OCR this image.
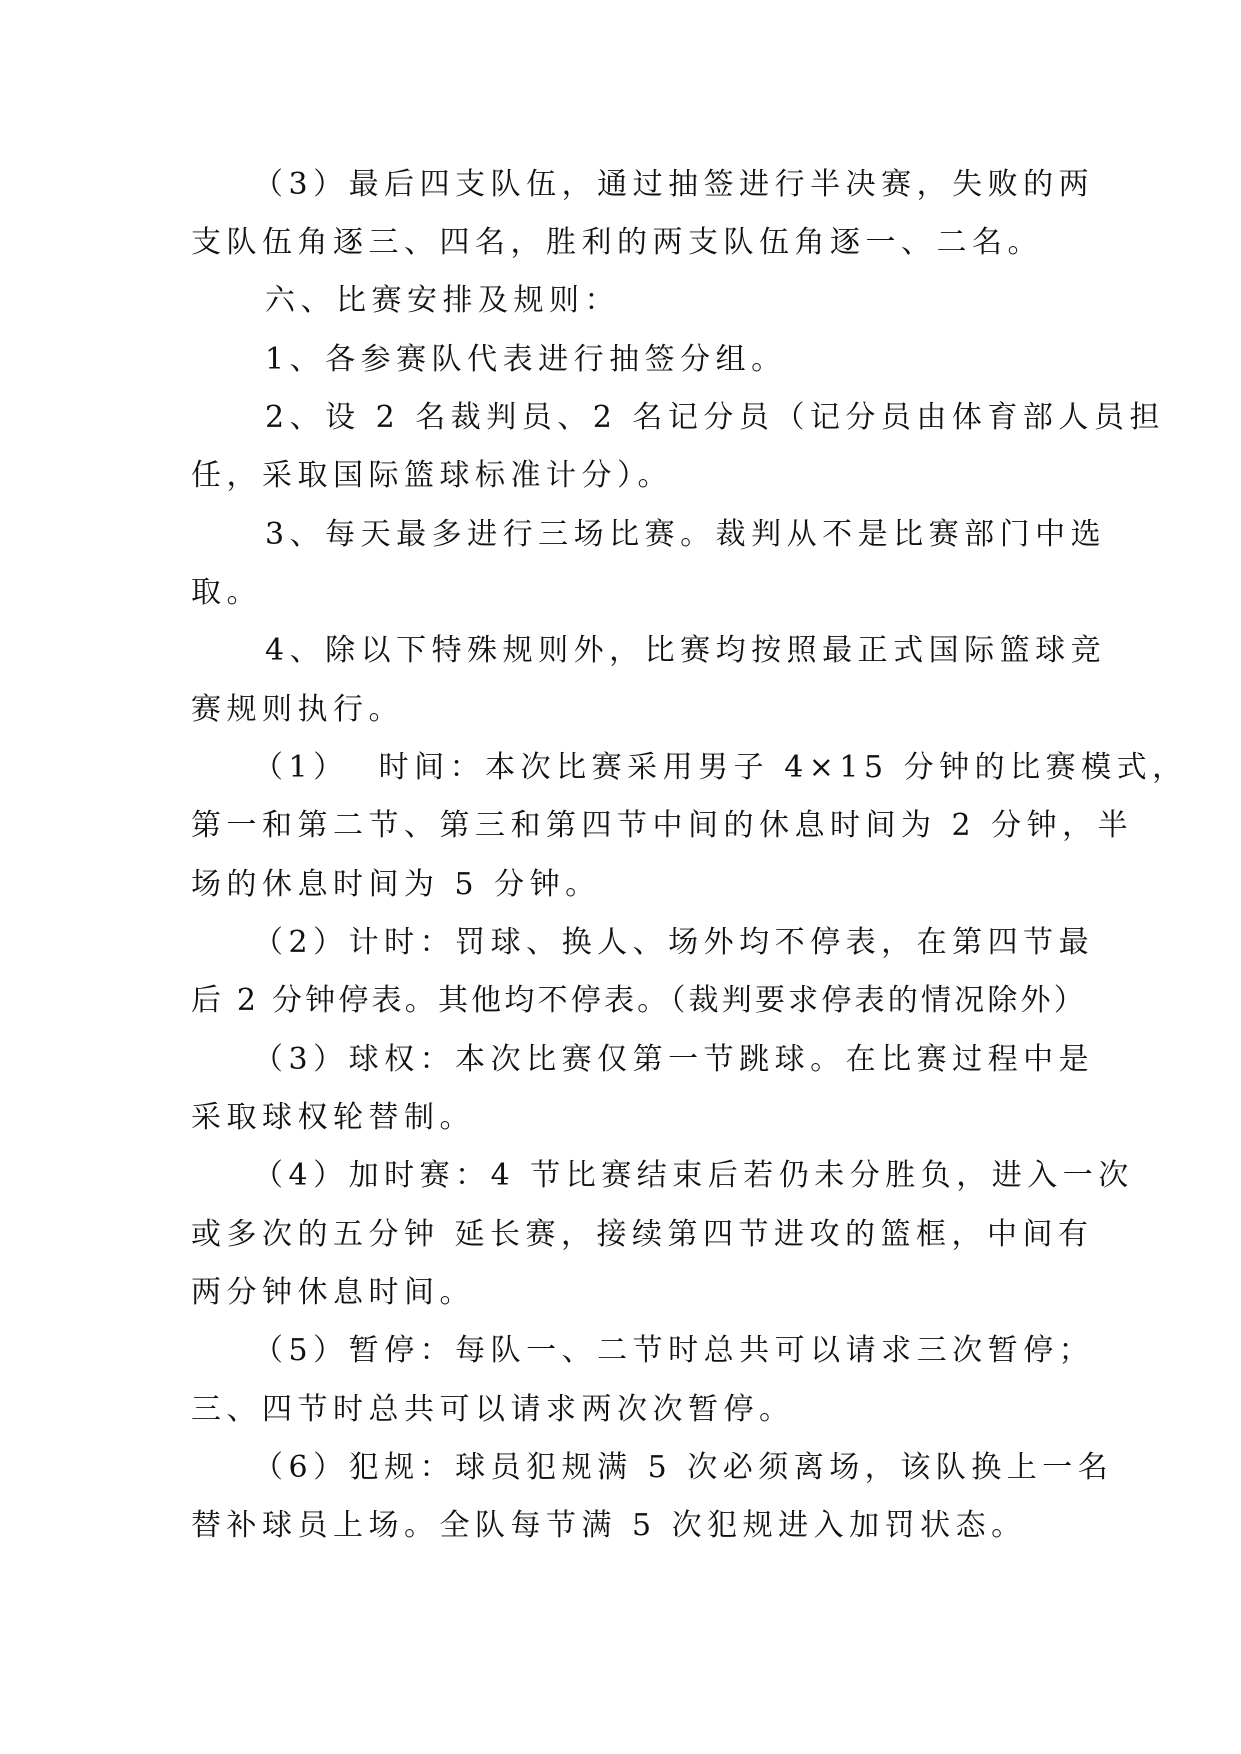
（3）最后四支队伍，通过抽签进行半决赛，失败的两
支队伍角逐三、四名，胜利的两支队伍角逐一、二名。
六、比赛安排及规则：
1、各参赛队代表进行抽签分组。
2、设 2 名裁判员、2 名记分员（记分员由体育部人员担
任，采取国际篮球标准计分）。
3、每天最多进行三场比赛。裁判从不是比赛部门中选
取。
4、除以下特殊规则外，比赛均按照最正式国际篮球竞
赛规则执行。
（1）  时间：本次比赛采用男子 4×15 分钟的比赛模式，
第一和第二节、第三和第四节中间的休息时间为 2 分钟，半
场的休息时间为 5 分钟。
（2）计时：罚球、换人、场外均不停表，在第四节最
后 2 分钟停表。其他均不停表。（裁判要求停表的情况除外）
（3）球权：本次比赛仅第一节跳球。在比赛过程中是
采取球权轮替制。
（4）加时赛：4 节比赛结束后若仍未分胜负，进入一次
或多次的五分钟 延长赛，接续第四节进攻的篮框，中间有
两分钟休息时间。
（5）暂停：每队一、二节时总共可以请求三次暂停；
三、四节时总共可以请求两次次暂停。
（6）犯规：球员犯规满 5 次必须离场，该队换上一名
替补球员上场。全队每节满 5 次犯规进入加罚状态。
